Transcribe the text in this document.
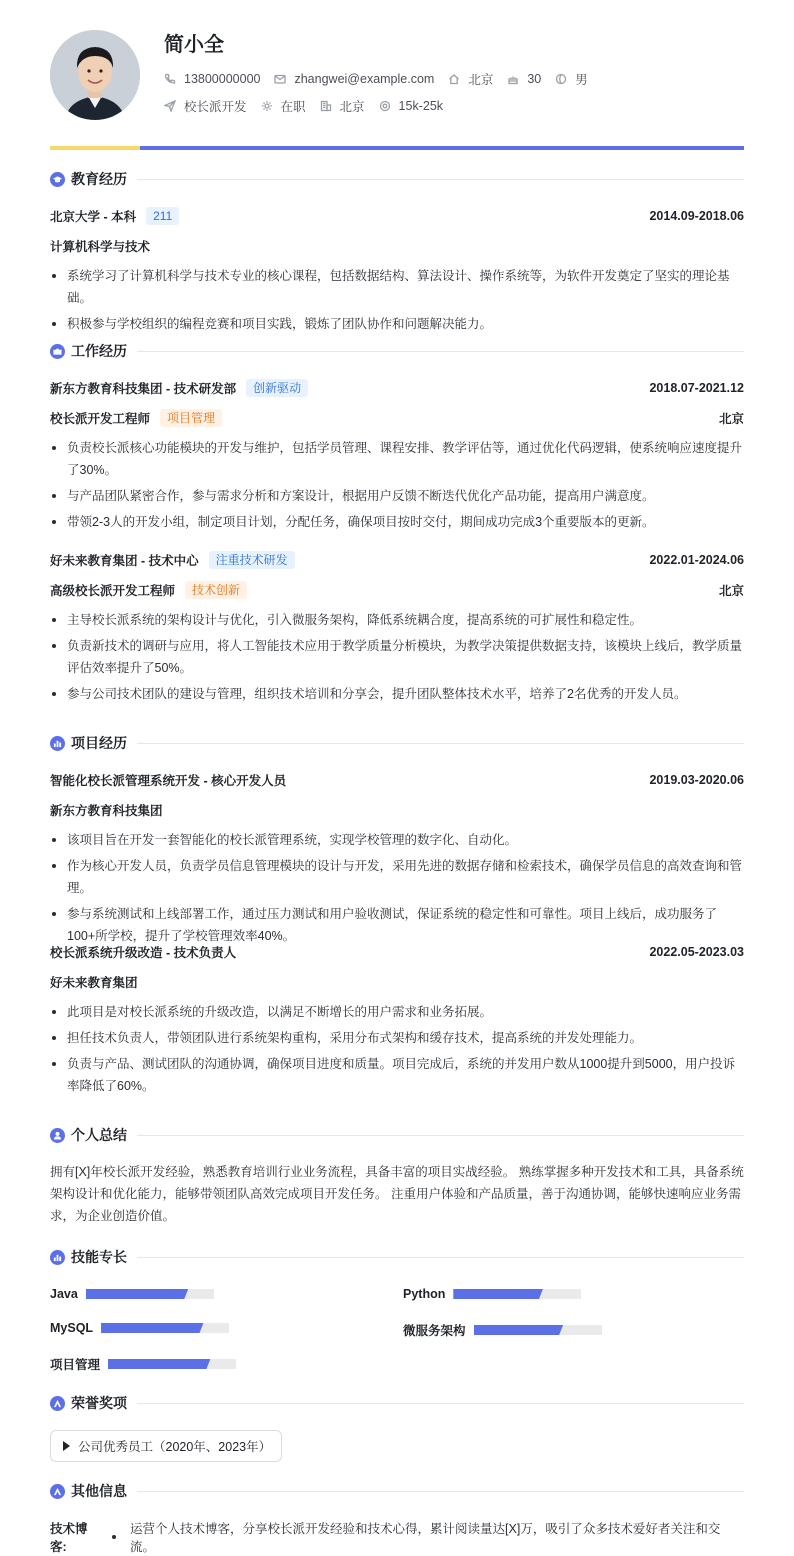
简小全
13800000000	zhangwei@example.com	北京	30	男
校长派开发	在职	北京	15k-25k
教育经历
北京大学 - 本科	211	2014.09-2018.06
计算机科学与技术
系统学习了计算机科学与技术专业的核心课程，包括数据结构、算法设计、操作系统等，为软件开发奠定了坚实的理论基础。
积极参与学校组织的编程竞赛和项目实践，锻炼了团队协作和问题解决能力。
工作经历
新东方教育科技集团 - 技术研发部	创新驱动	2018.07-2021.12
校长派开发工程师	项目管理	北京
负责校长派核心功能模块的开发与维护，包括学员管理、课程安排、教学评估等，通过优化代码逻辑，使系统响应速度提升了30%。
与产品团队紧密合作，参与需求分析和方案设计，根据用户反馈不断迭代优化产品功能，提高用户满意度。
带领2-3人的开发小组，制定项目计划，分配任务，确保项目按时交付，期间成功完成3个重要版本的更新。
好未来教育集团 - 技术中心	注重技术研发	2022.01-2024.06
高级校长派开发工程师	技术创新	北京
主导校长派系统的架构设计与优化，引入微服务架构，降低系统耦合度，提高系统的可扩展性和稳定性。
负责新技术的调研与应用，将人工智能技术应用于教学质量分析模块，为教学决策提供数据支持，该模块上线后，教学质量评估效率提升了50%。
参与公司技术团队的建设与管理，组织技术培训和分享会，提升团队整体技术水平，培养了2名优秀的开发人员。
项目经历
智能化校长派管理系统开发 - 核心开发人员	2019.03-2020.06
新东方教育科技集团
该项目旨在开发一套智能化的校长派管理系统，实现学校管理的数字化、自动化。
作为核心开发人员，负责学员信息管理模块的设计与开发，采用先进的数据存储和检索技术，确保学员信息的高效查询和管理。
参与系统测试和上线部署工作，通过压力测试和用户验收测试，保证系统的稳定性和可靠性。项目上线后，成功服务了100+所学校，提升了学校管理效率40%。
校长派系统升级改造 - 技术负责人	2022.05-2023.03
好未来教育集团
此项目是对校长派系统的升级改造，以满足不断增长的用户需求和业务拓展。
担任技术负责人，带领团队进行系统架构重构，采用分布式架构和缓存技术，提高系统的并发处理能力。
负责与产品、测试团队的沟通协调，确保项目进度和质量。项目完成后，系统的并发用户数从1000提升到5000，用户投诉率降低了60%。
个人总结
拥有[X]年校长派开发经验，熟悉教育培训行业业务流程，具备丰富的项目实战经验。 熟练掌握多种开发技术和工具，具备系统架构设计和优化能力，能够带领团队高效完成项目开发任务。 注重用户体验和产品质量，善于沟通协调，能够快速响应业务需求，为企业创造价值。
技能专长
Java	Python
MySQL	微服务架构
项目管理
荣誉奖项
公司优秀员工（2020年、2023年）
其他信息
技术博客:
运营个人技术博客，分享校长派开发经验和技术心得，累计阅读量达[X]万，吸引了众多技术爱好者关注和交流。
